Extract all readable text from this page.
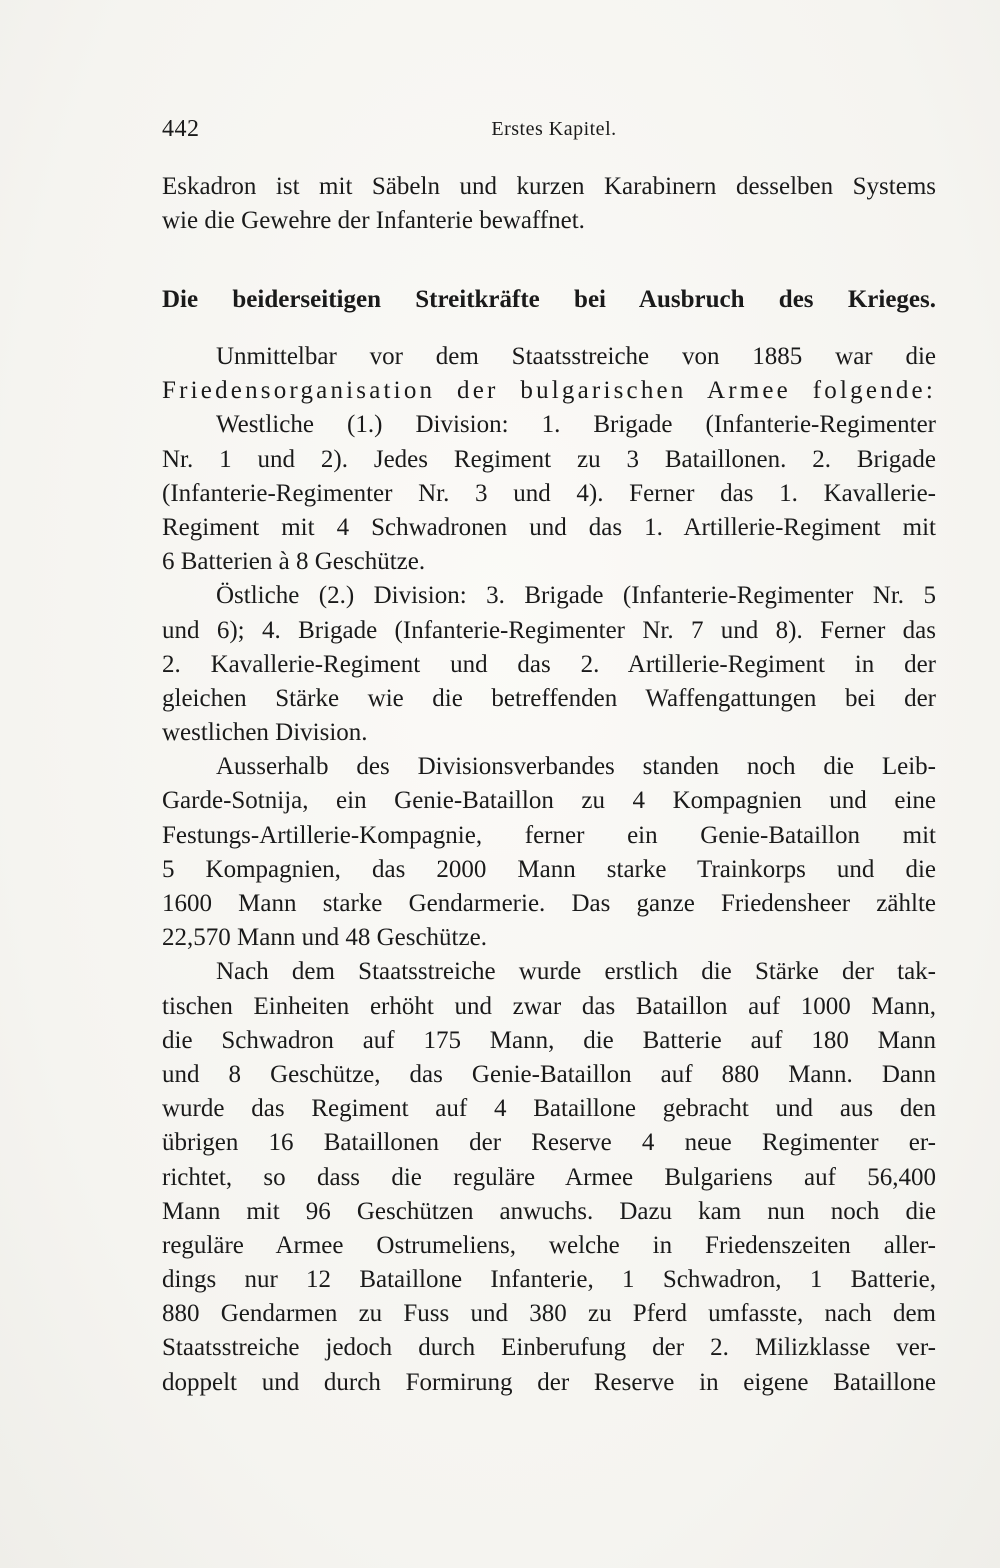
442	Erstes Kapitel.
Eskadron ist mit Säbeln und kurzen Karabinern desselben Systems
wie die Gewehre der Infanterie bewaffnet.
Die beiderseitigen Streitkräfte bei Ausbruch des Krieges.

Unmittelbar vor dem Staatsstreiche von 1885 war die
Friedensorganisation der bulgarischen Armee folgende:

Westliche (1.) Division: 1. Brigade (Infanterie-Regimenter
Nr. 1 und 2). Jedes Regiment zu 3 Bataillonen. 2. Brigade
(Infanterie-Regimenter Nr. 3 und 4). Ferner das 1. Kavallerie-
Regiment mit 4 Schwadronen und das 1. Artillerie-Regiment mit
6 Batterien à 8 Geschütze.

Östliche (2.) Division: 3. Brigade (Infanterie-Regimenter Nr. 5
und 6); 4. Brigade (Infanterie-Regimenter Nr. 7 und 8). Ferner das
2. Kavallerie-Regiment und das 2. Artillerie-Regiment in der
gleichen Stärke wie die betreffenden Waffengattungen bei der
westlichen Division.

Ausserhalb des Divisionsverbandes standen noch die Leib-
Garde-Sotnija, ein Genie-Bataillon zu 4 Kompagnien und eine
Festungs-Artillerie-Kompagnie, ferner ein Genie-Bataillon mit
5 Kompagnien, das 2000 Mann starke Trainkorps und die
1600 Mann starke Gendarmerie. Das ganze Friedensheer zählte
22,570 Mann und 48 Geschütze.

Nach dem Staatsstreiche wurde erstlich die Stärke der tak-
tischen Einheiten erhöht und zwar das Bataillon auf 1000 Mann,
die Schwadron auf 175 Mann, die Batterie auf 180 Mann
und 8 Geschütze, das Genie-Bataillon auf 880 Mann. Dann
wurde das Regiment auf 4 Bataillone gebracht und aus den
übrigen 16 Bataillonen der Reserve 4 neue Regimenter er-
richtet, so dass die reguläre Armee Bulgariens auf 56,400
Mann mit 96 Geschützen anwuchs. Dazu kam nun noch die
reguläre Armee Ostrumeliens, welche in Friedenszeiten aller-
dings nur 12 Bataillone Infanterie, 1 Schwadron, 1 Batterie,
880 Gendarmen zu Fuss und 380 zu Pferd umfasste, nach dem
Staatsstreiche jedoch durch Einberufung der 2. Milizklasse ver-
doppelt und durch Formirung der Reserve in eigene Bataillone
